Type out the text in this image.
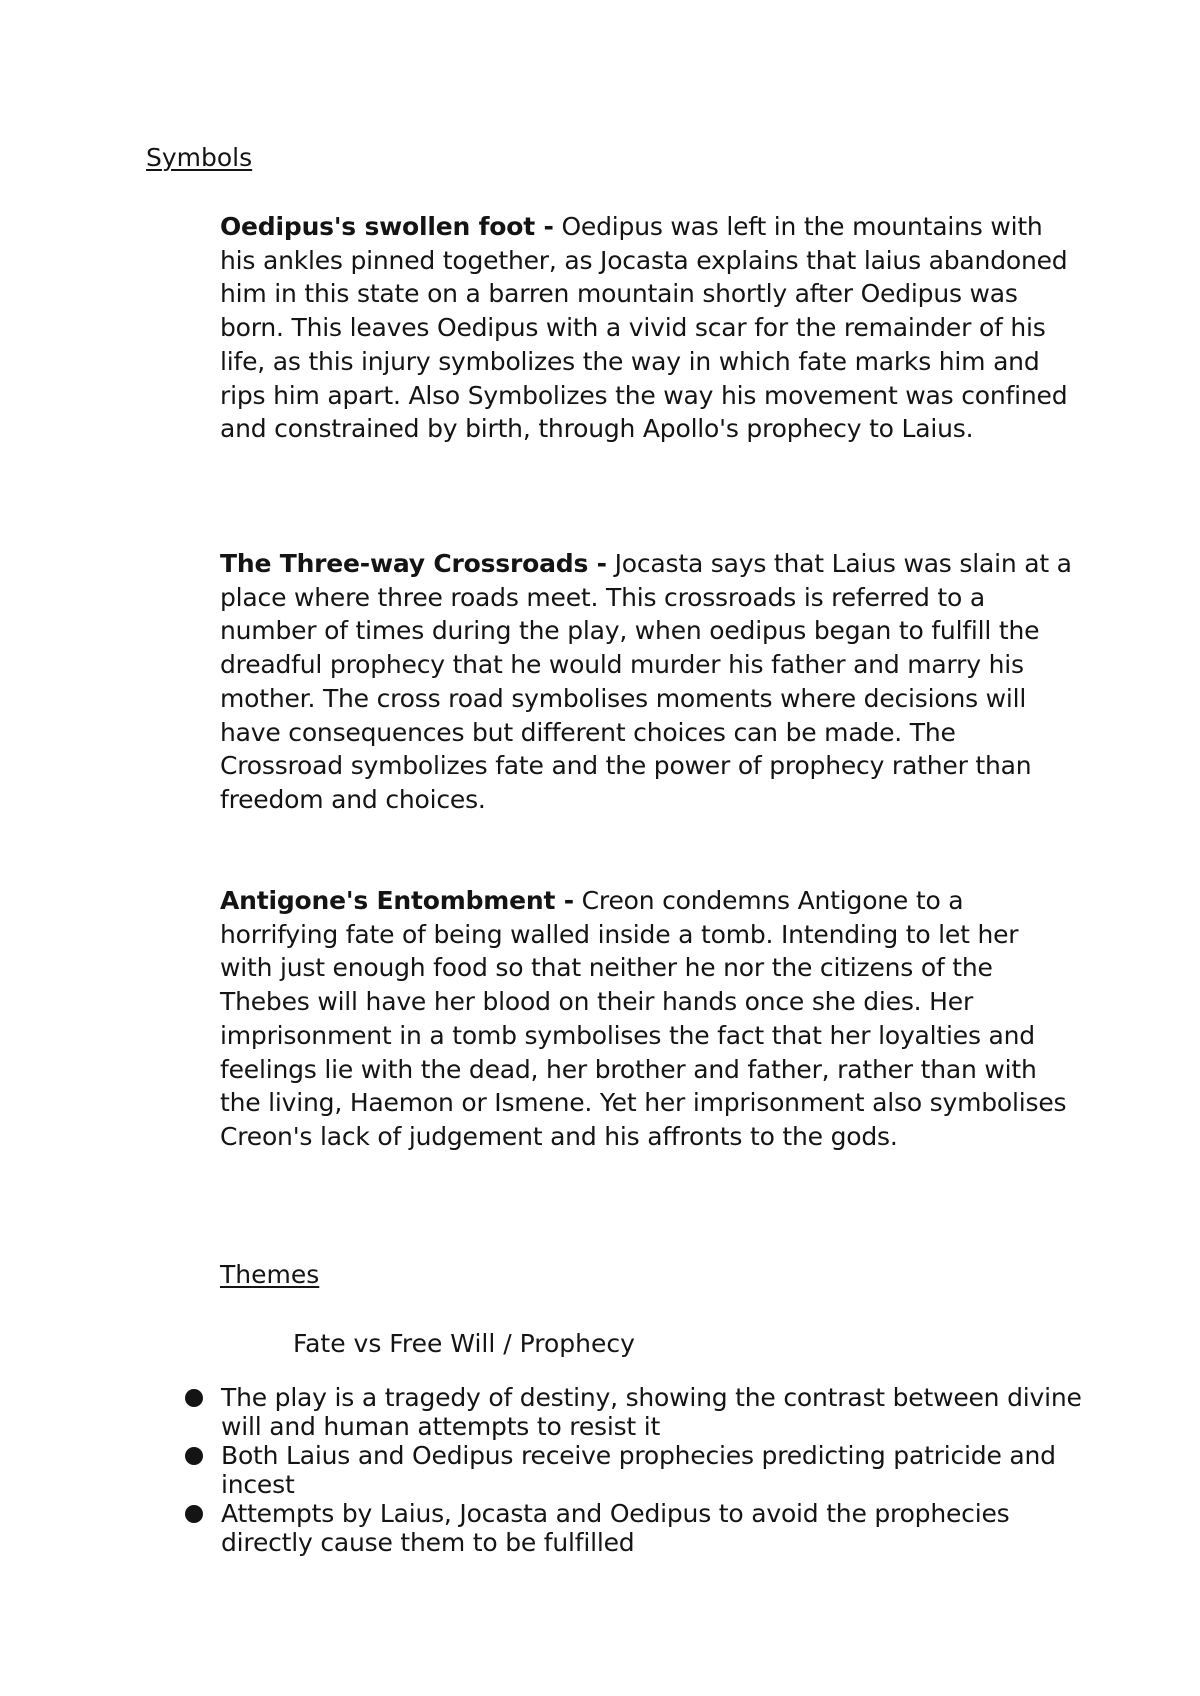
Symbols

Oedipus's swollen foot - Oedipus was left in the mountains with his ankles pinned together, as Jocasta explains that laius abandoned him in this state on a barren mountain shortly after Oedipus was born. This leaves Oedipus with a vivid scar for the remainder of his life, as this injury symbolizes the way in which fate marks him and rips him apart. Also Symbolizes the way his movement was confined and constrained by birth, through Apollo's prophecy to Laius.

The Three-way Crossroads - Jocasta says that Laius was slain at a place where three roads meet. This crossroads is referred to a number of times during the play, when oedipus began to fulfill the dreadful prophecy that he would murder his father and marry his mother. The cross road symbolises moments where decisions will have consequences but different choices can be made. The Crossroad symbolizes fate and the power of prophecy rather than freedom and choices.

Antigone's Entombment - Creon condemns Antigone to a horrifying fate of being walled inside a tomb. Intending to let her with just enough food so that neither he nor the citizens of the Thebes will have her blood on their hands once she dies. Her imprisonment in a tomb symbolises the fact that her loyalties and feelings lie with the dead, her brother and father, rather than with the living, Haemon or Ismene. Yet her imprisonment also symbolises Creon's lack of judgement and his affronts to the gods.

Themes
Fate vs Free Will / Prophecy
The play is a tragedy of destiny, showing the contrast between divine will and human attempts to resist it
Both Laius and Oedipus receive prophecies predicting patricide and incest
Attempts by Laius, Jocasta and Oedipus to avoid the prophecies directly cause them to be fulfilled
